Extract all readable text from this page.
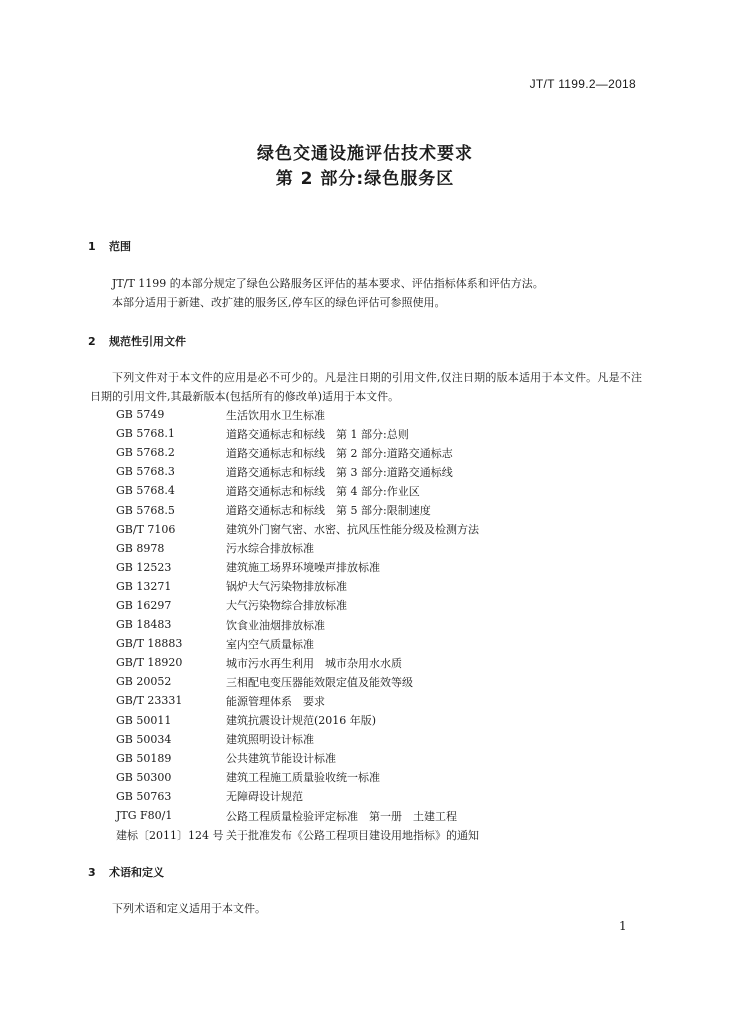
JT/T 1199.2—2018

绿色交通设施评估技术要求
第 2 部分:绿色服务区
1 范围

JT/T 1199 的本部分规定了绿色公路服务区评估的基本要求、评估指标体系和评估方法。

本部分适用于新建、改扩建的服务区,停车区的绿色评估可参照使用。

2 规范性引用文件

下列文件对于本文件的应用是必不可少的。凡是注日期的引用文件,仅注日期的版本适用于本文件。凡是不注日期的引用文件,其最新版本(包括所有的修改单)适用于本文件。

GB 5749	生活饮用水卫生标准
GB 5768.1	道路交通标志和标线　第 1 部分:总则
GB 5768.2	道路交通标志和标线　第 2 部分:道路交通标志
GB 5768.3	道路交通标志和标线　第 3 部分:道路交通标线
GB 5768.4	道路交通标志和标线　第 4 部分:作业区
GB 5768.5	道路交通标志和标线　第 5 部分:限制速度
GB/T 7106	建筑外门窗气密、水密、抗风压性能分级及检测方法
GB 8978	污水综合排放标准
GB 12523	建筑施工场界环境噪声排放标准
GB 13271	锅炉大气污染物排放标准
GB 16297	大气污染物综合排放标准
GB 18483	饮食业油烟排放标准
GB/T 18883	室内空气质量标准
GB/T 18920	城市污水再生利用　城市杂用水水质
GB 20052	三相配电变压器能效限定值及能效等级
GB/T 23331	能源管理体系　要求
GB 50011	建筑抗震设计规范(2016 年版)
GB 50034	建筑照明设计标准
GB 50189	公共建筑节能设计标准
GB 50300	建筑工程施工质量验收统一标准
GB 50763	无障碍设计规范
JTG F80/1	公路工程质量检验评定标准　第一册　土建工程
建标〔2011〕124 号 关于批准发布《公路工程项目建设用地指标》的通知
3 术语和定义

下列术语和定义适用于本文件。

1
